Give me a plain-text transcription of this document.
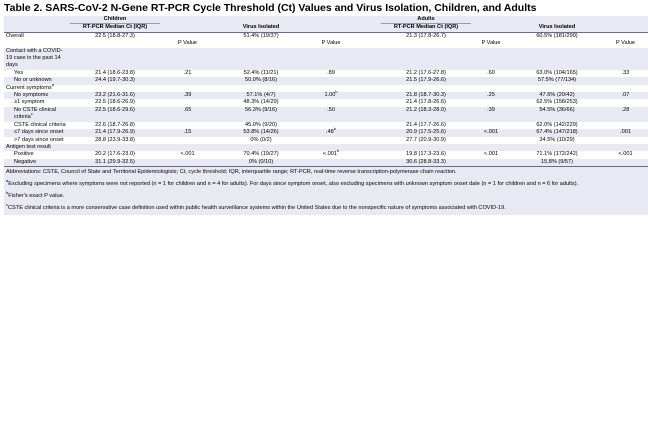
Table 2. SARS-CoV-2 N-Gene RT-PCR Cycle Threshold (Ct) Values and Virus Isolation, Children, and Adults
	Children					Adults			
	RT-PCR Median Ct (IQR)		Virus Isolated			RT-PCR Median Ct (IQR)		Virus Isolated	
Overall	22.5 (18.8-27.3)		51.4% (19/37)			21.3 (17.8-26.7)		60.5% (181/299)	
		P Value		P Value			P Value		P Value
Contact with a COVID-19 case in the past 14 days									
Yes	21.4 (18.6-23.8)	.21	52.4% (11/21)	.89		21.2 (17.6-27.8)	.60	63.0% (104/165)	.33
No or unknown	24.4 (19.7-30.3)		50.0% (8/16)			21.5 (17.9-26.6)		57.5% (77/134)	
Current symptoms$^a$									
No symptoms	23.2 (21.6-31.6)	.39	57.1% (4/7)	1.00$^b$		21.8 (18.7-30.3)	.25	47.6% (20/42)	.07
≥1 symptom	22.5 (18.6-26.9)		48.3% (14/29)			21.4 (17.8-26.6)		62.5% (158/253)	
No CSTE clinical criteria$^c$	22.5 (18.6-29.6)	.65	56.3% (9/16)	.50		21.2 (18.3-28.0)	.39	54.5% (36/66)	.28
CSTE clinical criteria	22.6 (18.7-26.8)		45.0% (9/20)			21.4 (17.7-26.6)		62.0% (142/229)	
≤7 days since onset	21.4 (17.9-26.9)	.15	53.8% (14/26)	.48$^b$		20.9 (17.5-25.6)	<.001	67.4% (147/218)	.001
>7 days since onset	28.8 (23.9-33.8)		0% (0/2)			27.7 (20.9-30.9)		34.5% (10/29)	
Antigen test result									
Positive	20.2 (17.6-23.0)	<.001	70.4% (19/27)	<.001$^b$		19.8 (17.3-23.6)	<.001	71.1% (172/242)	<.001
Negative	31.1 (29.9-32.5)		0% (0/10)			30.6 (28.8-33.3)		15.8% (9/57)	
Abbreviations: CSTE, Council of State and Territorial Epidemiologists; Ct, cycle threshold; IQR, interquartile range; RT-PCR, real-time reverse transcription-polymerase chain reaction.									
$^a$Excluding specimens where symptoms were not reported (n = 1 for children and n = 4 for adults). For days since symptom onset, also excluding specimens with unknown symptom onset date (n = 1 for children and n = 6 for adults).									
$^b$Fisher's exact P value.									
$^c$CSTE clinical criteria is a more conservative case definition used within public health surveillance systems within the United States due to the nonspecific nature of symptoms associated with COVID-19.									
